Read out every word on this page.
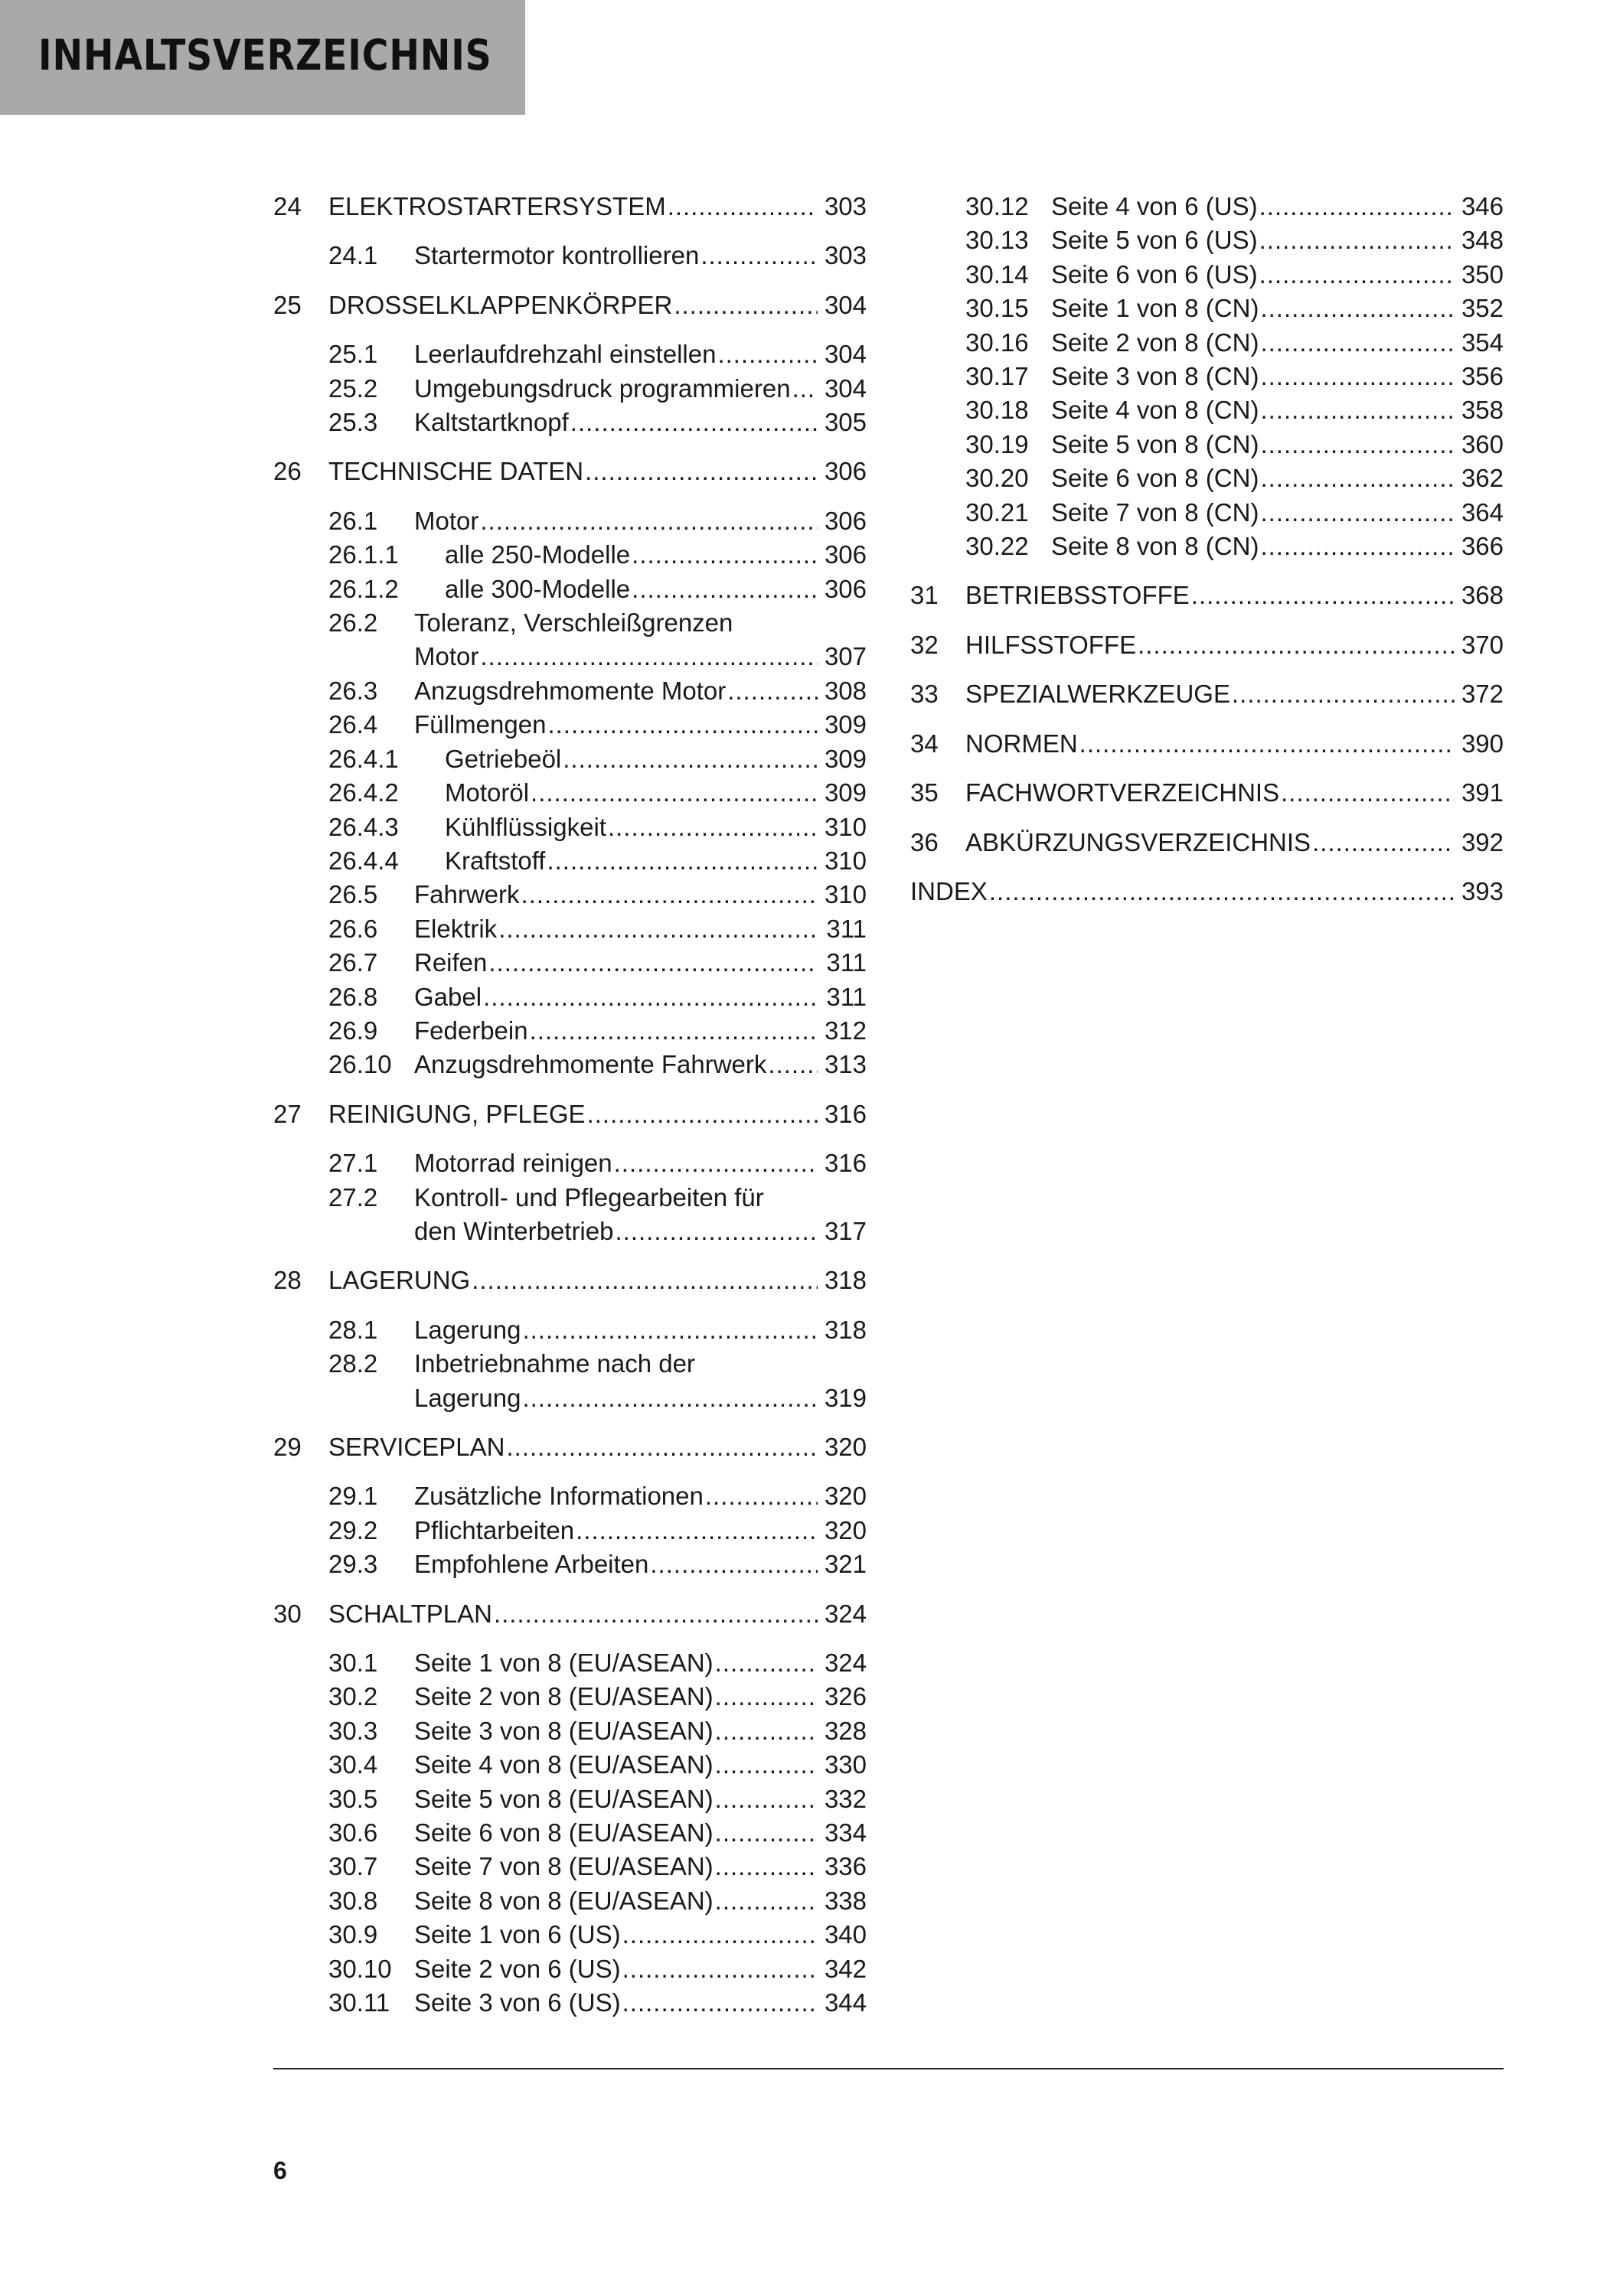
INHALTSVERZEICHNIS
24	ELEKTROSTARTERSYSTEM .....	303
24.1	Startermotor kontrollieren .....	303
25	DROSSELKLAPPENKÖRPER .....	304
25.1	Leerlaufdrehzahl einstellen .....	304
25.2	Umgebungsdruck programmieren ..... 304
25.3	Kaltstartknopf .....	305
26	TECHNISCHE DATEN .....	306
26.1	Motor .....	306
26.1.1	alle 250-Modelle .....	306
26.1.2	alle 300-Modelle .....	306
26.2	Toleranz, Verschleißgrenzen
Motor .....	307
26.3	Anzugsdrehmomente Motor .....	308
26.4	Füllmengen .....	309
26.4.1	Getriebeöl .....	309
26.4.2	Motoröl .....	309
26.4.3	Kühlflüssigkeit .....	310
26.4.4	Kraftstoff .....	310
26.5	Fahrwerk .....	310
26.6	Elektrik .....	311
26.7	Reifen .....	311
26.8	Gabel .....	311
26.9	Federbein .....	312
26.10 Anzugsdrehmomente Fahrwerk ..... 313
27	REINIGUNG, PFLEGE .....	316
27.1	Motorrad reinigen .....	316
27.2	Kontroll- und Pflegearbeiten für
den Winterbetrieb .....	317
28	LAGERUNG .....	318
28.1	Lagerung .....	318
28.2	Inbetriebnahme nach der
Lagerung .....	319
29	SERVICEPLAN .....	320
29.1	Zusätzliche Informationen .....	320
29.2	Pflichtarbeiten .....	320
29.3	Empfohlene Arbeiten .....	321
30	SCHALTPLAN .....	324
30.1	Seite 1 von 8 (EU/ASEAN) .....	324
30.2	Seite 2 von 8 (EU/ASEAN) .....	326
30.3	Seite 3 von 8 (EU/ASEAN) .....	328
30.4	Seite 4 von 8 (EU/ASEAN) .....	330
30.5	Seite 5 von 8 (EU/ASEAN) .....	332
30.6	Seite 6 von 8 (EU/ASEAN) .....	334
30.7	Seite 7 von 8 (EU/ASEAN) .....	336
30.8	Seite 8 von 8 (EU/ASEAN) .....	338
30.9	Seite 1 von 6 (US) .....	340
30.10 Seite 2 von 6 (US) .....	342
30.11 Seite 3 von 6 (US) .....	344
30.12 Seite 4 von 6 (US) .....	346
30.13 Seite 5 von 6 (US) .....	348
30.14 Seite 6 von 6 (US) .....	350
30.15 Seite 1 von 8 (CN) .....	352
30.16 Seite 2 von 8 (CN) .....	354
30.17 Seite 3 von 8 (CN) .....	356
30.18 Seite 4 von 8 (CN) .....	358
30.19 Seite 5 von 8 (CN) .....	360
30.20 Seite 6 von 8 (CN) .....	362
30.21 Seite 7 von 8 (CN) .....	364
30.22 Seite 8 von 8 (CN) .....	366
31	BETRIEBSSTOFFE .....	368
32	HILFSSTOFFE .....	370
33	SPEZIALWERKZEUGE .....	372
34	NORMEN .....	390
35	FACHWORTVERZEICHNIS .....	391
36	ABKÜRZUNGSVERZEICHNIS .....	392
INDEX .....	393
6
